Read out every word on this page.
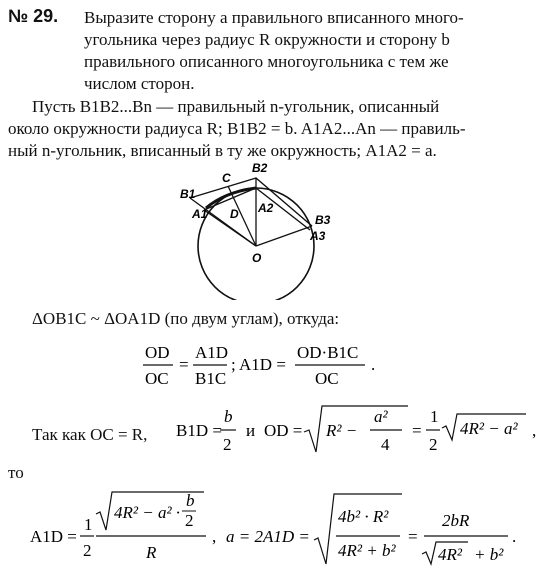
№ 29. Выразите сторону a правильного вписанного много-
угольника через радиус R окружности и сторону b
правильного описанного многоугольника с тем же
числом сторон.
Пусть B1B2...Bn — правильный n-угольник, описанный
около окружности радиуса R; B1B2 = b. A1A2...An — правиль-
ный n-угольник, вписанный в ту же окружность; A1A2 = a.
B1
B2
B3
A1	A2
A3
C
D
O
ΔOB1C ~ ΔOA1D (по двум углам), откуда:
OD
OC
=
A1D
B1C
; A1D =
OD·B1C
OC
.
Так как OC = R, B1D =
b
2
и OD = R² −
a²
4
=
1
2
4R² − a² ,
то
A1D =
1
2
4R² − a² ·
b
2
R
, a = 2A1D =
4b² · R²
4R² + b²
=
2bR
4R² + b²
.
